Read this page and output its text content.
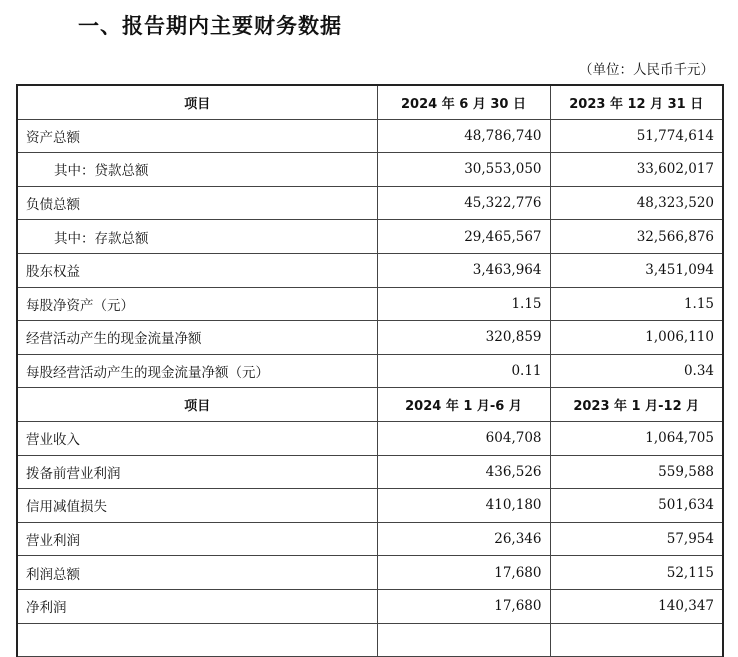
一、报告期内主要财务数据
（单位：人民币千元）
项目	2024 年 6 月 30 日	2023 年 12 月 31 日
资产总额	48,786,740	51,774,614
其中：贷款总额	30,553,050	33,602,017
负债总额	45,322,776	48,323,520
其中：存款总额	29,465,567	32,566,876
股东权益	3,463,964	3,451,094
每股净资产（元）	1.15	1.15
经营活动产生的现金流量净额	320,859	1,006,110
每股经营活动产生的现金流量净额（元）	0.11	0.34
项目	2024 年 1 月-6 月	2023 年 1 月-12 月
营业收入	604,708	1,064,705
拨备前营业利润	436,526	559,588
信用减值损失	410,180	501,634
营业利润	26,346	57,954
利润总额	17,680	52,115
净利润	17,680	140,347
